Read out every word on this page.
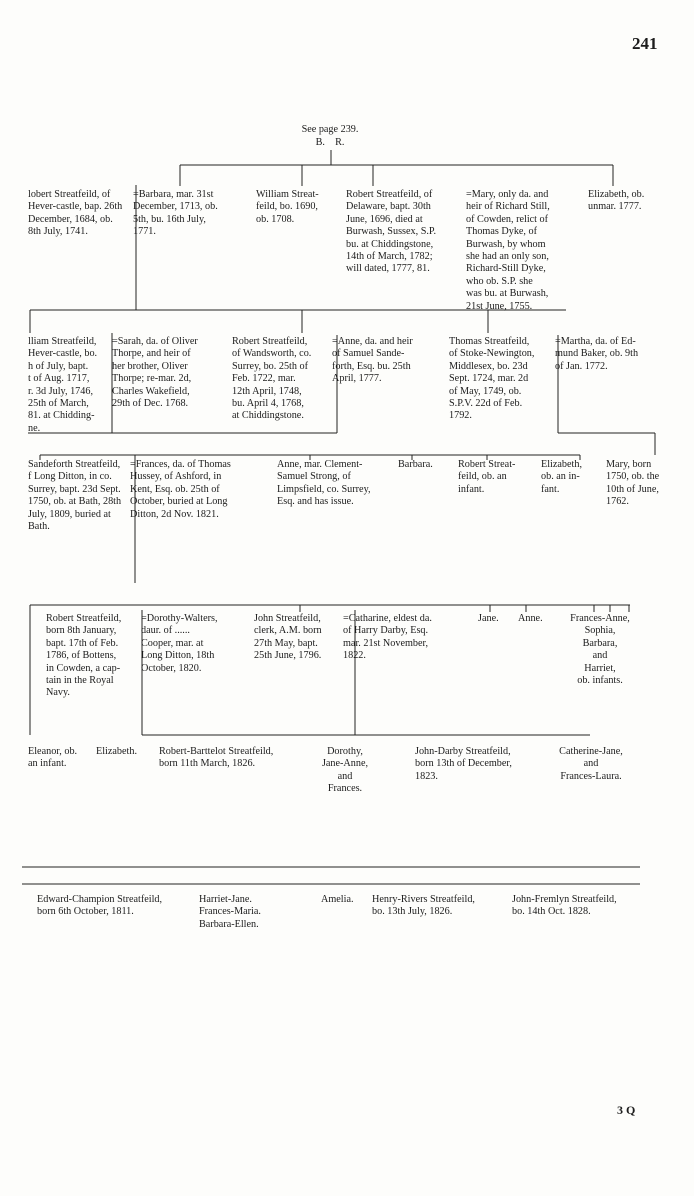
241
See page 239.
B.    R.
lobert Streatfeild, of
Hever-castle, bap. 26th
December, 1684, ob.
8th July, 1741.
=Barbara, mar. 31st
December, 1713, ob.
5th, bu. 16th July,
1771.
William Streat-
feild, bo. 1690,
ob. 1708.
Robert Streatfeild, of
Delaware, bapt. 30th
June, 1696, died at
Burwash, Sussex, S.P.
bu. at Chiddingstone,
14th of March, 1782;
will dated, 1777, 81.
=Mary, only da. and
heir of Richard Still,
of Cowden, relict of
Thomas Dyke, of
Burwash, by whom
she had an only son,
Richard-Still Dyke,
who ob. S.P. she
was bu. at Burwash,
21st June, 1755.
Elizabeth, ob.
unmar. 1777.
lliam Streatfeild,
Hever-castle, bo.
h of July, bapt.
t of Aug. 1717,
r. 3d July, 1746,
25th of March,
81. at Chidding-
ne.
=Sarah, da. of Oliver
Thorpe, and heir of
her brother, Oliver
Thorpe; re-mar. 2d,
Charles Wakefield,
29th of Dec. 1768.
Robert Streatfeild,
of Wandsworth, co.
Surrey, bo. 25th of
Feb. 1722, mar.
12th April, 1748,
bu. April 4, 1768,
at Chiddingstone.
=Anne, da. and heir
of Samuel Sande-
forth, Esq. bu. 25th
April, 1777.
Thomas Streatfeild,
of Stoke-Newington,
Middlesex, bo. 23d
Sept. 1724, mar. 2d
of May, 1749, ob.
S.P.V. 22d of Feb.
1792.
=Martha, da. of Ed-
mund Baker, ob. 9th
of Jan. 1772.
Sandeforth Streatfeild,
f Long Ditton, in co.
Surrey, bapt. 23d Sept.
1750, ob. at Bath, 28th
July, 1809, buried at
Bath.
=Frances, da. of Thomas
Hussey, of Ashford, in
Kent, Esq. ob. 25th of
October, buried at Long
Ditton, 2d Nov. 1821.
Anne, mar. Clement-
Samuel Strong, of
Limpsfield, co. Surrey,
Esq. and has issue.
Barbara. Robert Streat-
feild, ob. an
infant.
Elizabeth,
ob. an in-
fant.
Mary, born
1750, ob. the
10th of June,
1762.
Robert Streatfeild,
born 8th January,
bapt. 17th of Feb.
1786, of Bottens,
in Cowden, a cap-
tain in the Royal
Navy.
=Dorothy-Walters,
daur. of ......
Cooper, mar. at
Long Ditton, 18th
October, 1820.
John Streatfeild,
clerk, A.M. born
27th May, bapt.
25th June, 1796.
=Catharine, eldest da.
of Harry Darby, Esq.
mar. 21st November,
1822.
Jane. Anne.	Frances-Anne,
Sophia,
Barbara,
and
Harriet,
ob. infants.
Eleanor, ob.
an infant.
Elizabeth. Robert-Barttelot Streatfeild,
born 11th March, 1826.
Dorothy,
Jane-Anne,
and
Frances.
John-Darby Streatfeild,
born 13th of December,
1823.
Catherine-Jane,
and
Frances-Laura.
Edward-Champion Streatfeild,
born 6th October, 1811.
Harriet-Jane.
Frances-Maria.
Barbara-Ellen.
Amelia. Henry-Rivers Streatfeild,
bo. 13th July, 1826.
John-Fremlyn Streatfeild,
bo. 14th Oct. 1828.
3 Q
